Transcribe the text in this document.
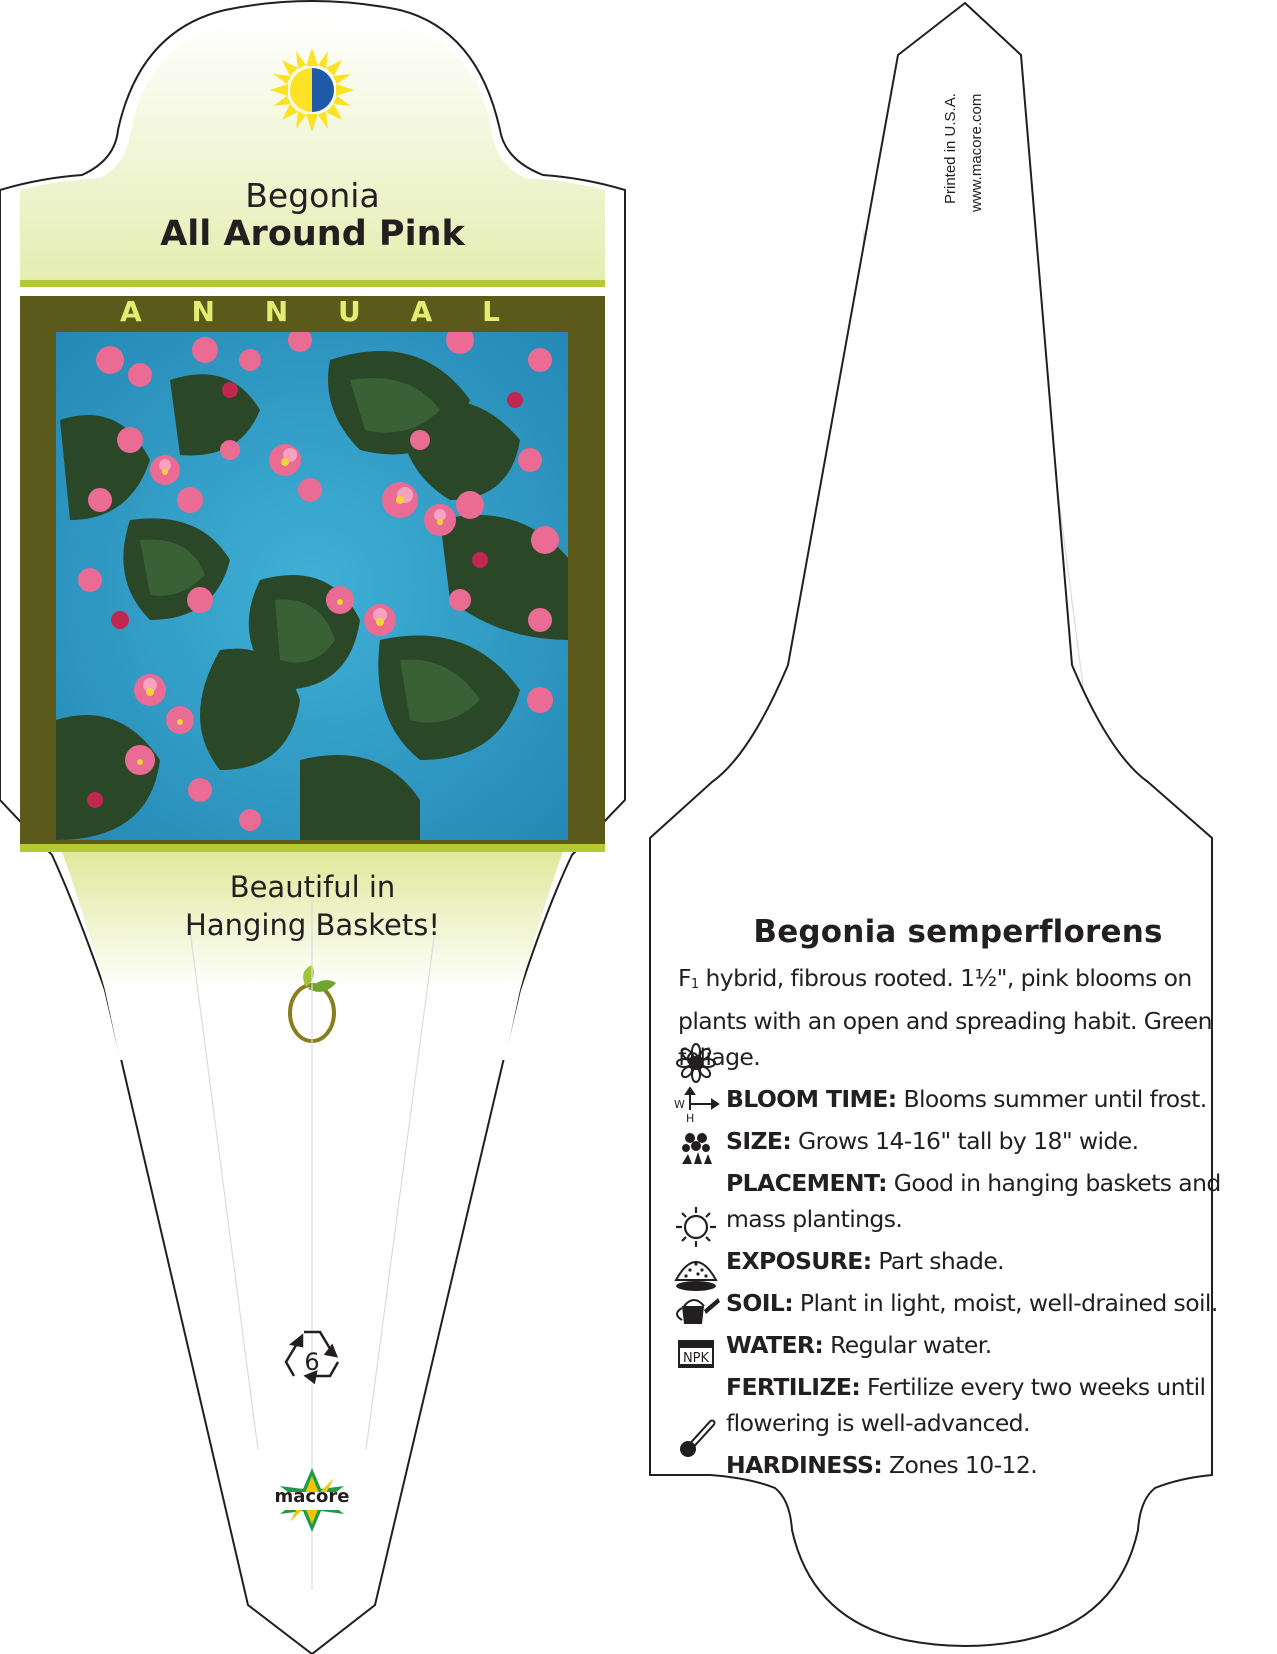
W
H
NPK
Begonia
All Around Pink
A N N U A L
Beautiful in
Hanging Baskets!
6
macore
Printed in U.S.A. www.macore.com
Begonia semperflorens

F1 hybrid, fibrous rooted. 1½", pink blooms on plants with an open and spreading habit. Green foliage.

BLOOM TIME: Blooms summer until frost.
SIZE: Grows 14-16" tall by 18" wide.
PLACEMENT: Good in hanging baskets and mass plantings.
EXPOSURE: Part shade.
SOIL: Plant in light, moist, well-drained soil.
WATER: Regular water.
FERTILIZE: Fertilize every two weeks until flowering is well-advanced.
HARDINESS: Zones 10-12.
